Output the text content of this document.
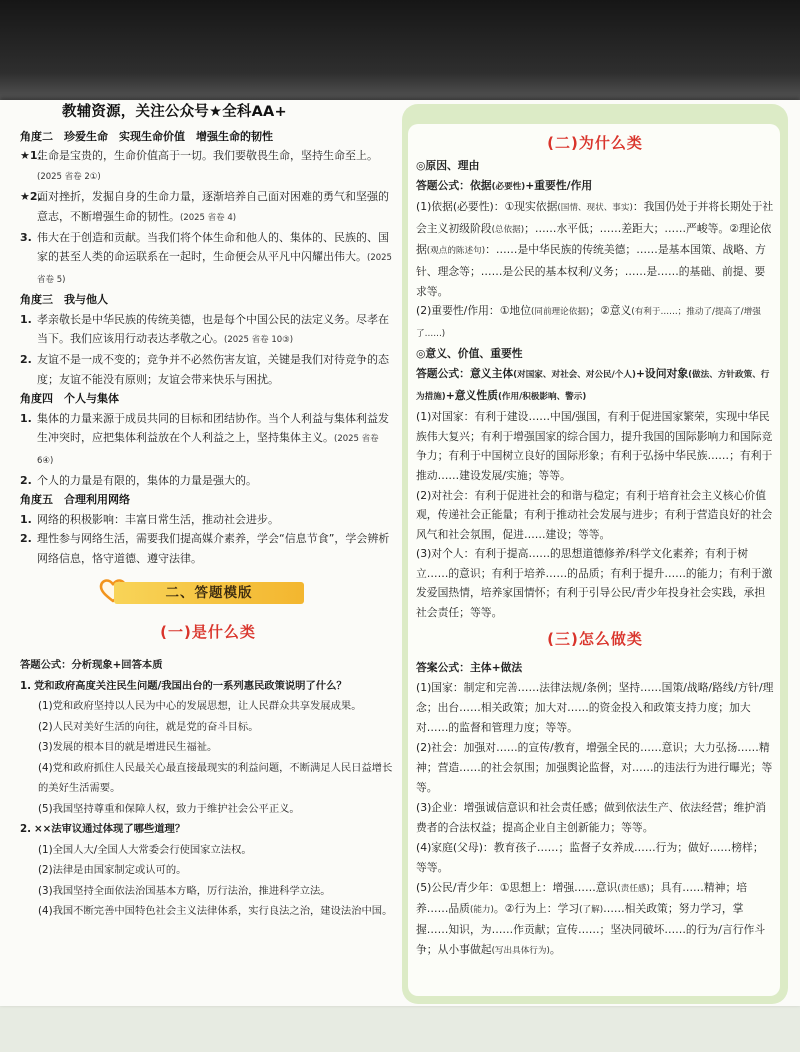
教辅资源，关注公众号★全科AA+
角度二　珍爱生命　实现生命价值　增强生命的韧性
★1.生命是宝贵的，生命价值高于一切。我们要敬畏生命，坚持生命至上。(2025 省卷 2①)
★2.面对挫折，发掘自身的生命力量，逐渐培养自己面对困难的勇气和坚强的意志，不断增强生命的韧性。(2025 省卷 4)
3. 伟大在于创造和贡献。当我们将个体生命和他人的、集体的、民族的、国家的甚至人类的命运联系在一起时，生命便会从平凡中闪耀出伟大。(2025 省卷 5)
角度三　我与他人
1. 孝亲敬长是中华民族的传统美德，也是每个中国公民的法定义务。尽孝在当下。我们应该用行动表达孝敬之心。(2025 省卷 10③)
2. 友谊不是一成不变的；竞争并不必然伤害友谊，关键是我们对待竞争的态度；友谊不能没有原则；友谊会带来快乐与困扰。
角度四　个人与集体
1. 集体的力量来源于成员共同的目标和团结协作。当个人利益与集体利益发生冲突时，应把集体利益放在个人利益之上，坚持集体主义。(2025 省卷 6④)
2. 个人的力量是有限的，集体的力量是强大的。
角度五　合理利用网络
1. 网络的积极影响：丰富日常生活，推动社会进步。
2. 理性参与网络生活，需要我们提高媒介素养，学会“信息节食”，学会辨析网络信息，恪守道德、遵守法律。
二、答题模版
(一)是什么类
答题公式：分析现象+回答本质
1. 党和政府高度关注民生问题/我国出台的一系列惠民政策说明了什么？
(1)党和政府坚持以人民为中心的发展思想，让人民群众共享发展成果。
(2)人民对美好生活的向往，就是党的奋斗目标。
(3)发展的根本目的就是增进民生福祉。
(4)党和政府抓住人民最关心最直接最现实的利益问题，不断满足人民日益增长的美好生活需要。
(5)我国坚持尊重和保障人权，致力于维护社会公平正义。
2. ××法审议通过体现了哪些道理？
(1)全国人大/全国人大常委会行使国家立法权。
(2)法律是由国家制定或认可的。
(3)我国坚持全面依法治国基本方略，厉行法治，推进科学立法。
(4)我国不断完善中国特色社会主义法律体系，实行良法之治，建设法治中国。
(二)为什么类
◎原因、理由
答题公式：依据(必要性)+重要性/作用
(1)依据(必要性)：①现实依据(国情、现状、事实)：我国仍处于并将长期处于社会主义初级阶段(总依据)；……水平低；……差距大；……严峻等。②理论依据(观点的陈述句)：……是中华民族的传统美德；……是基本国策、战略、方针、理念等；……是公民的基本权利/义务；……是……的基础、前提、要求等。
(2)重要性/作用：①地位(同前理论依据)；②意义(有利于……；推动了/提高了/增强了……)
◎意义、价值、重要性
答题公式：意义主体(对国家、对社会、对公民/个人)+设问对象(做法、方针政策、行为措施)+意义性质(作用/积极影响、警示)
(1)对国家：有利于建设……中国/强国，有利于促进国家繁荣，实现中华民族伟大复兴；有利于增强国家的综合国力，提升我国的国际影响力和国际竞争力；有利于中国树立良好的国际形象；有利于弘扬中华民族……；有利于推动……建设发展/实施；等等。
(2)对社会：有利于促进社会的和谐与稳定；有利于培育社会主义核心价值观，传递社会正能量；有利于推动社会发展与进步；有利于营造良好的社会风气和社会氛围，促进……建设；等等。
(3)对个人：有利于提高……的思想道德修养/科学文化素养；有利于树立……的意识；有利于培养……的品质；有利于提升……的能力；有利于激发爱国热情，培养家国情怀；有利于引导公民/青少年投身社会实践，承担社会责任；等等。
(三)怎么做类
答案公式：主体+做法
(1)国家：制定和完善……法律法规/条例；坚持……国策/战略/路线/方针/理念；出台……相关政策；加大对……的资金投入和政策支持力度；加大对……的监督和管理力度；等等。
(2)社会：加强对……的宣传/教育，增强全民的……意识；大力弘扬……精神；营造……的社会氛围；加强舆论监督，对……的违法行为进行曝光；等等。
(3)企业：增强诚信意识和社会责任感；做到依法生产、依法经营；维护消费者的合法权益；提高企业自主创新能力；等等。
(4)家庭(父母)：教育孩子……；监督子女养成……行为；做好……榜样；等等。
(5)公民/青少年：①思想上：增强……意识(责任感)；具有……精神；培养……品质(能力)。②行为上：学习(了解)……相关政策；努力学习，掌握……知识，为……作贡献；宣传……；坚决同破坏……的行为/言行作斗争；从小事做起(写出具体行为)。
